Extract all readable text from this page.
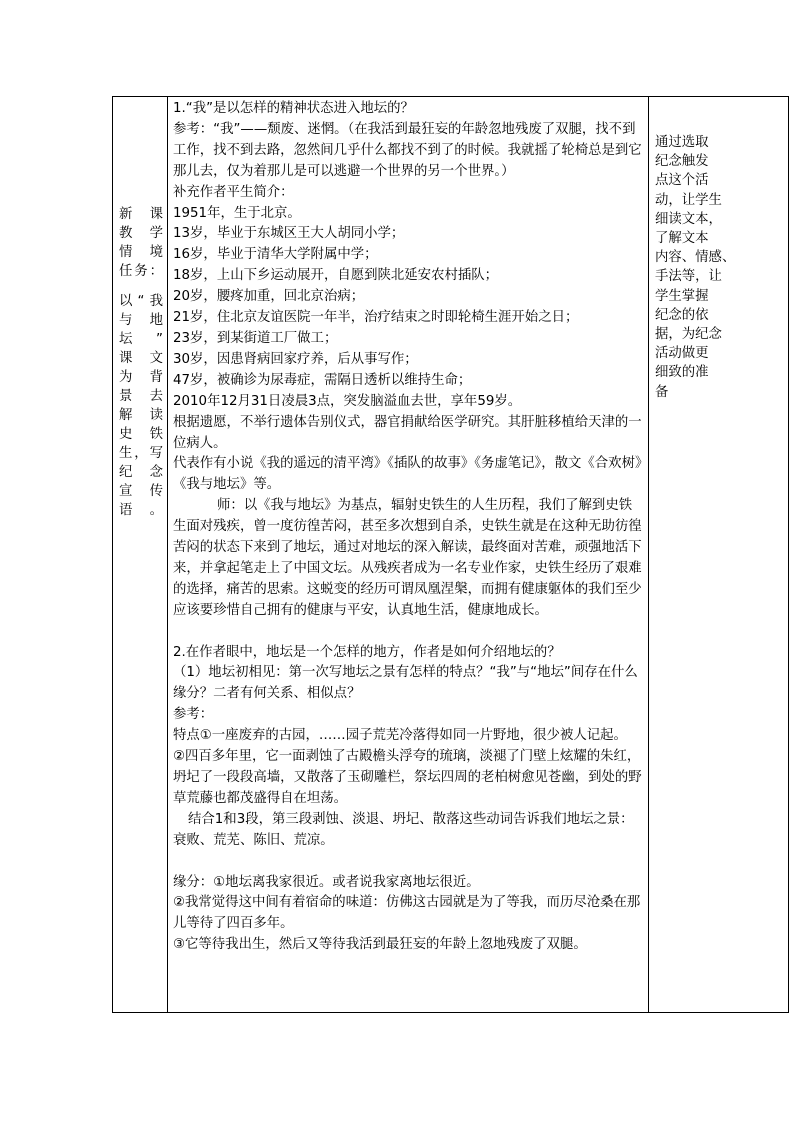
新　课

教学

情　境

任务：

以“我

与　地

坛　”

课　文

为　背

景　去

解　读

史　铁

生，写

纪　念

宣　传

语。

1.“我”是以怎样的精神状态进入地坛的？

参考：“我”——颓废、迷惘。（在我活到最狂妄的年龄忽地残废了双腿，找不到工作，找不到去路，忽然间几乎什么都找不到了的时候。我就摇了轮椅总是到它那儿去，仅为着那儿是可以逃避一个世界的另一个世界。）

补充作者平生简介：

1951年，生于北京。

13岁，毕业于东城区王大人胡同小学；

16岁，毕业于清华大学附属中学；

18岁，上山下乡运动展开，自愿到陕北延安农村插队；

20岁，腰疼加重，回北京治病；

21岁，住北京友谊医院一年半，治疗结束之时即轮椅生涯开始之日；

23岁，到某街道工厂做工；

30岁，因患肾病回家疗养，后从事写作；

47岁，被确诊为尿毒症，需隔日透析以维持生命；

2010年12月31日凌晨3点，突发脑溢血去世，享年59岁。

根据遗愿，不举行遗体告别仪式，器官捐献给医学研究。其肝脏移植给天津的一位病人。

代表作有小说《我的遥远的清平湾》《插队的故事》《务虚笔记》，散文《合欢树》《我与地坛》等。

师：以《我与地坛》为基点，辐射史铁生的人生历程，我们了解到史铁生面对残疾，曾一度彷徨苦闷，甚至多次想到自杀，史铁生就是在这种无助彷徨苦闷的状态下来到了地坛，通过对地坛的深入解读，最终面对苦难，顽强地活下来，并拿起笔走上了中国文坛。从残疾者成为一名专业作家，史铁生经历了艰难的选择，痛苦的思索。这蜕变的经历可谓凤凰涅槃，而拥有健康躯体的我们至少应该要珍惜自己拥有的健康与平安，认真地生活，健康地成长。

2.在作者眼中，地坛是一个怎样的地方，作者是如何介绍地坛的？

（1）地坛初相见：第一次写地坛之景有怎样的特点？“我”与“地坛”间存在什么缘分？二者有何关系、相似点？

参考：

特点①一座废弃的古园，……园子荒芜冷落得如同一片野地，很少被人记起。

②四百多年里，它一面剥蚀了古殿檐头浮夸的琉璃，淡褪了门壁上炫耀的朱红，坍圮了一段段高墙，又散落了玉砌雕栏，祭坛四周的老柏树愈见苍幽，到处的野草荒藤也都茂盛得自在坦荡。

结合1和3段，第三段剥蚀、淡退、坍圮、散落这些动词告诉我们地坛之景：衰败、荒芜、陈旧、荒凉。

缘分：①地坛离我家很近。或者说我家离地坛很近。

②我常觉得这中间有着宿命的味道：仿佛这古园就是为了等我，而历尽沧桑在那儿等待了四百多年。

③它等待我出生，然后又等待我活到最狂妄的年龄上忽地残废了双腿。

通过选取

纪念触发

点这个活

动，让学生

细读文本，

了解文本

内容、情感、

手法等，让

学生掌握

纪念的依

据，为纪念

活动做更

细致的准

备
